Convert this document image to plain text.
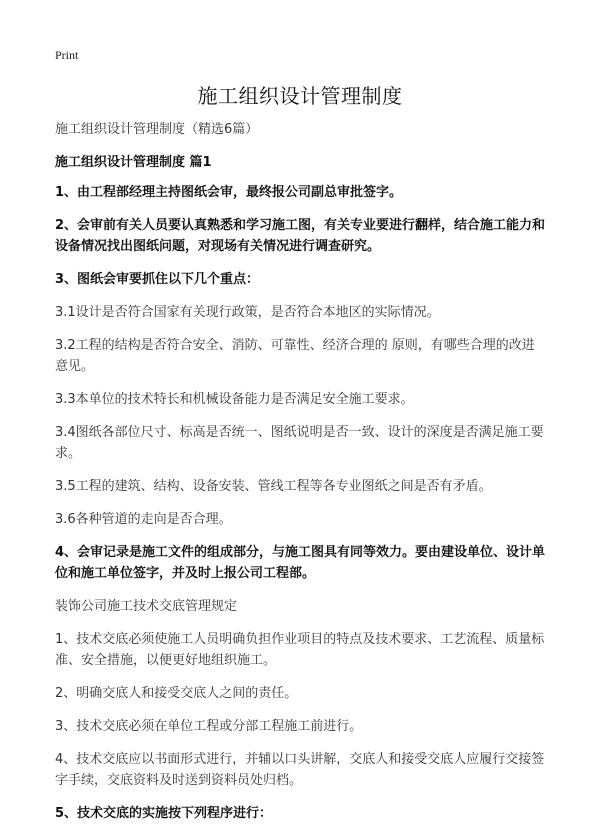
Print
施工组织设计管理制度

施工组织设计管理制度（精选6篇）

施工组织设计管理制度 篇1

1、由工程部经理主持图纸会审，最终报公司副总审批签字。

2、会审前有关人员要认真熟悉和学习施工图，有关专业要进行翻样，结合施工能力和设备情况找出图纸问题，对现场有关情况进行调查研究。

3、图纸会审要抓住以下几个重点：

3.1设计是否符合国家有关现行政策，是否符合本地区的实际情况。

3.2工程的结构是否符合安全、消防、可靠性、经济合理的 原则，有哪些合理的改进意见。

3.3本单位的技术特长和机械设备能力是否满足安全施工要求。

3.4图纸各部位尺寸、标高是否统一、图纸说明是否一致、设计的深度是否满足施工要求。

3.5工程的建筑、结构、设备安装、管线工程等各专业图纸之间是否有矛盾。

3.6各种管道的走向是否合理。

4、会审记录是施工文件的组成部分，与施工图具有同等效力。要由建设单位、设计单位和施工单位签字，并及时上报公司工程部。

装饰公司施工技术交底管理规定

1、技术交底必须使施工人员明确负担作业项目的特点及技术要求、工艺流程、质量标准、安全措施，以便更好地组织施工。

2、明确交底人和接受交底人之间的责任。

3、技术交底必须在单位工程或分部工程施工前进行。

4、技术交底应以书面形式进行，并辅以口头讲解，交底人和接受交底人应履行交接签字手续，交底资料及时送到资料员处归档。

5、技术交底的实施按下列程序进行：
